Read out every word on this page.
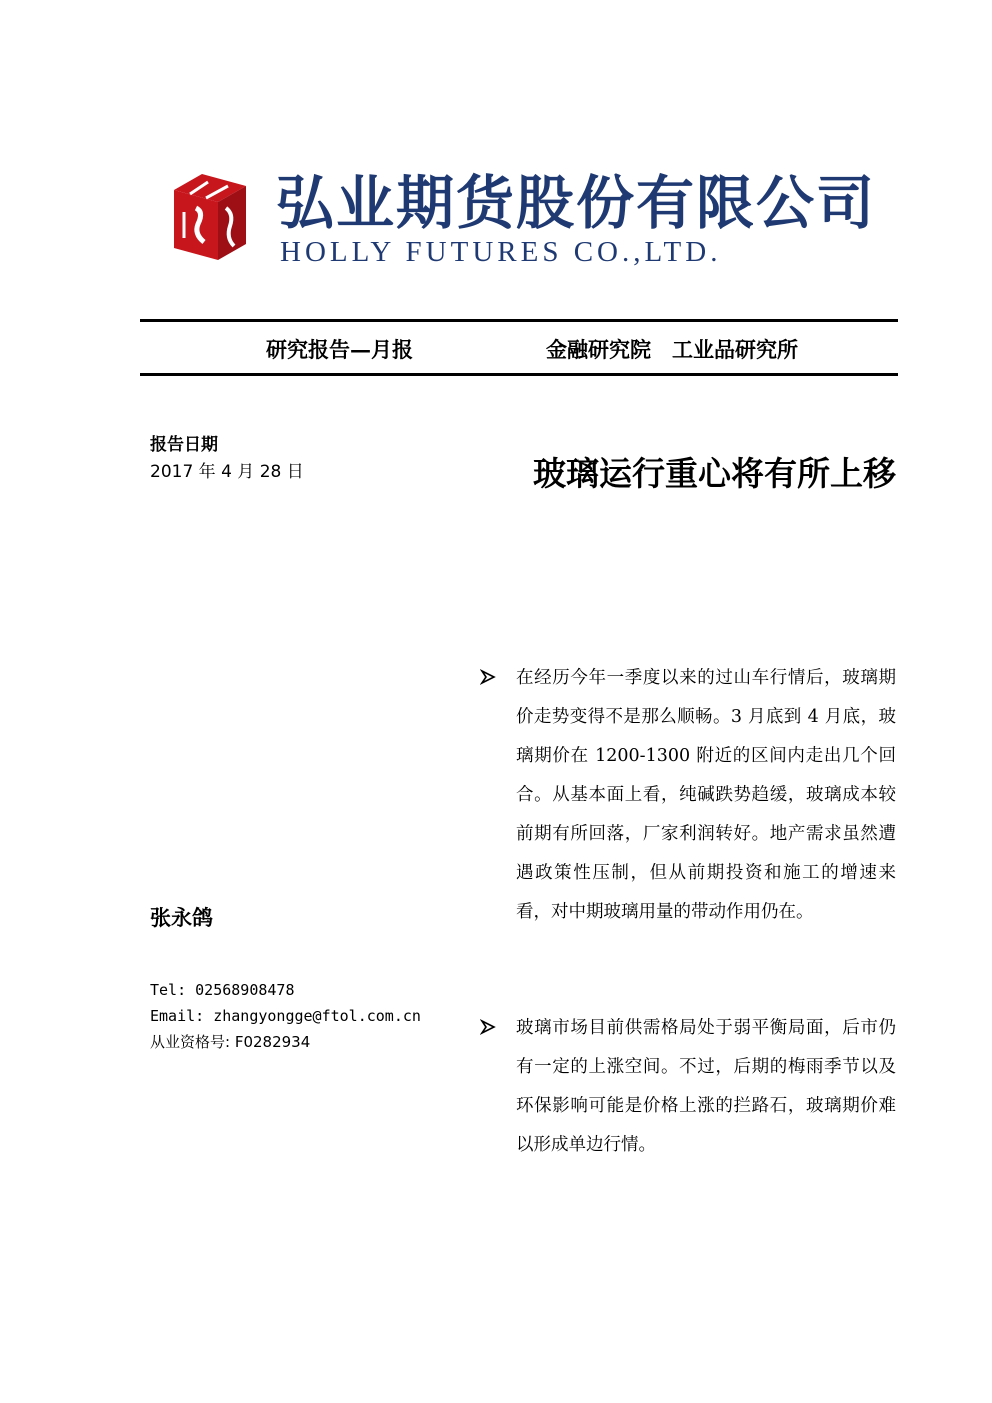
弘业期货股份有限公司
HOLLY FUTURES CO.,LTD.
研究报告—月报	金融研究院　工业品研究所
报告日期
2017 年 4 月 28 日	玻璃运行重心将有所上移
在经历今年一季度以来的过山车行情后，玻璃期价走势变得不是那么顺畅。3 月底到 4 月底，玻璃期价在 1200-1300 附近的区间内走出几个回合。从基本面上看，纯碱跌势趋缓，玻璃成本较前期有所回落，厂家利润转好。地产需求虽然遭遇政策性压制，但从前期投资和施工的增速来看，对中期玻璃用量的带动作用仍在。
张永鸽
Tel: 02568908478
Email: zhangyongge@ftol.com.cn
从业资格号: F0282934
玻璃市场目前供需格局处于弱平衡局面，后市仍有一定的上涨空间。不过，后期的梅雨季节以及环保影响可能是价格上涨的拦路石，玻璃期价难以形成单边行情。
